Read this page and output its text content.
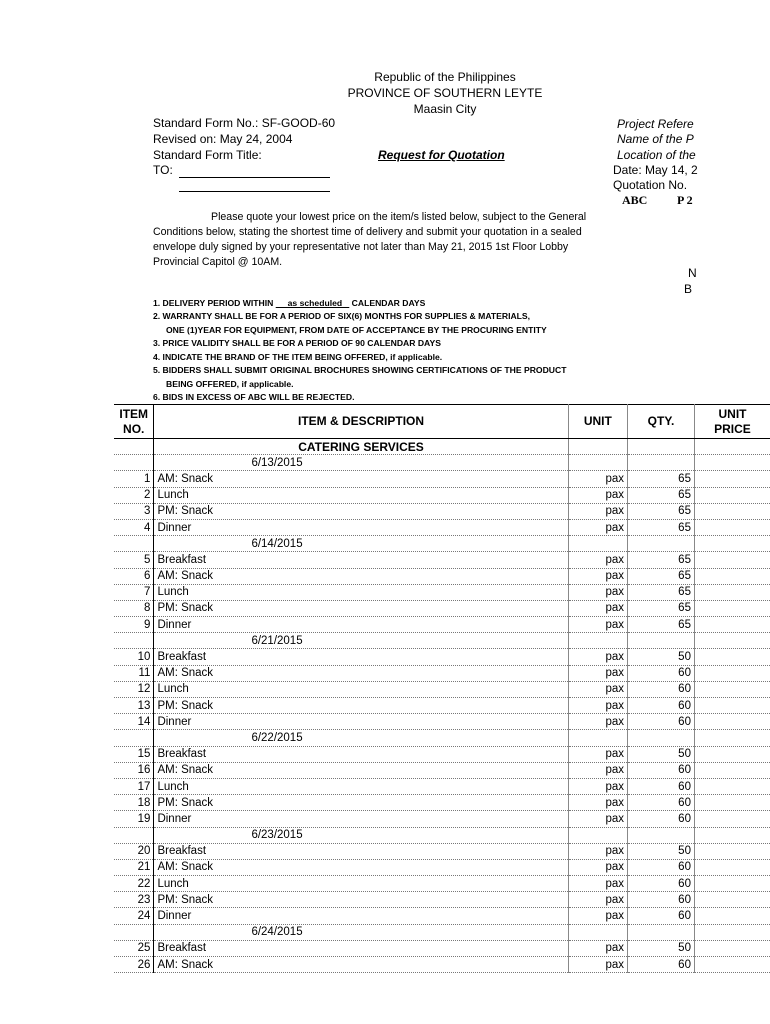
Republic of the Philippines
PROVINCE OF SOUTHERN LEYTE
Maasin City
Standard Form No.: SF-GOOD-60
Revised on: May 24, 2004
Standard Form Title:
TO:
Request for Quotation
Project Refere
Name of the P
Location of the
Date: May 14, 2
Quotation No.
ABC P 2
N
B
Please quote your lowest price on the item/s listed below, subject to the General
Conditions below, stating the shortest time of delivery and submit your quotation in a sealed envelope duly signed by your representative not later than May 21, 2015 1st Floor Lobby Provincial Capitol @ 10AM.
1. DELIVERY PERIOD WITHIN      as scheduled    CALENDAR DAYS
2. WARRANTY SHALL BE FOR A PERIOD OF SIX(6) MONTHS FOR SUPPLIES & MATERIALS,
ONE (1)YEAR FOR EQUIPMENT, FROM DATE OF ACCEPTANCE BY THE PROCURING ENTITY
3. PRICE VALIDITY SHALL BE FOR A PERIOD OF 90 CALENDAR DAYS
4. INDICATE THE BRAND OF THE ITEM BEING OFFERED, if applicable.
5. BIDDERS SHALL SUBMIT ORIGINAL BROCHURES SHOWING CERTIFICATIONS OF THE PRODUCT
BEING OFFERED, if applicable.
6. BIDS IN EXCESS OF ABC WILL BE REJECTED.
ITEM
NO.	ITEM & DESCRIPTION	UNIT	QTY.	UNIT
PRICE
	CATERING SERVICES			
	6/13/2015			
1	AM: Snack	pax	65	
2	Lunch	pax	65	
3	PM: Snack	pax	65	
4	Dinner	pax	65	
	6/14/2015			
5	Breakfast	pax	65	
6	AM: Snack	pax	65	
7	Lunch	pax	65	
8	PM: Snack	pax	65	
9	Dinner	pax	65	
	6/21/2015			
10	Breakfast	pax	50	
11	AM: Snack	pax	60	
12	Lunch	pax	60	
13	PM: Snack	pax	60	
14	Dinner	pax	60	
	6/22/2015			
15	Breakfast	pax	50	
16	AM: Snack	pax	60	
17	Lunch	pax	60	
18	PM: Snack	pax	60	
19	Dinner	pax	60	
	6/23/2015			
20	Breakfast	pax	50	
21	AM: Snack	pax	60	
22	Lunch	pax	60	
23	PM: Snack	pax	60	
24	Dinner	pax	60	
	6/24/2015			
25	Breakfast	pax	50	
26	AM: Snack	pax	60	
